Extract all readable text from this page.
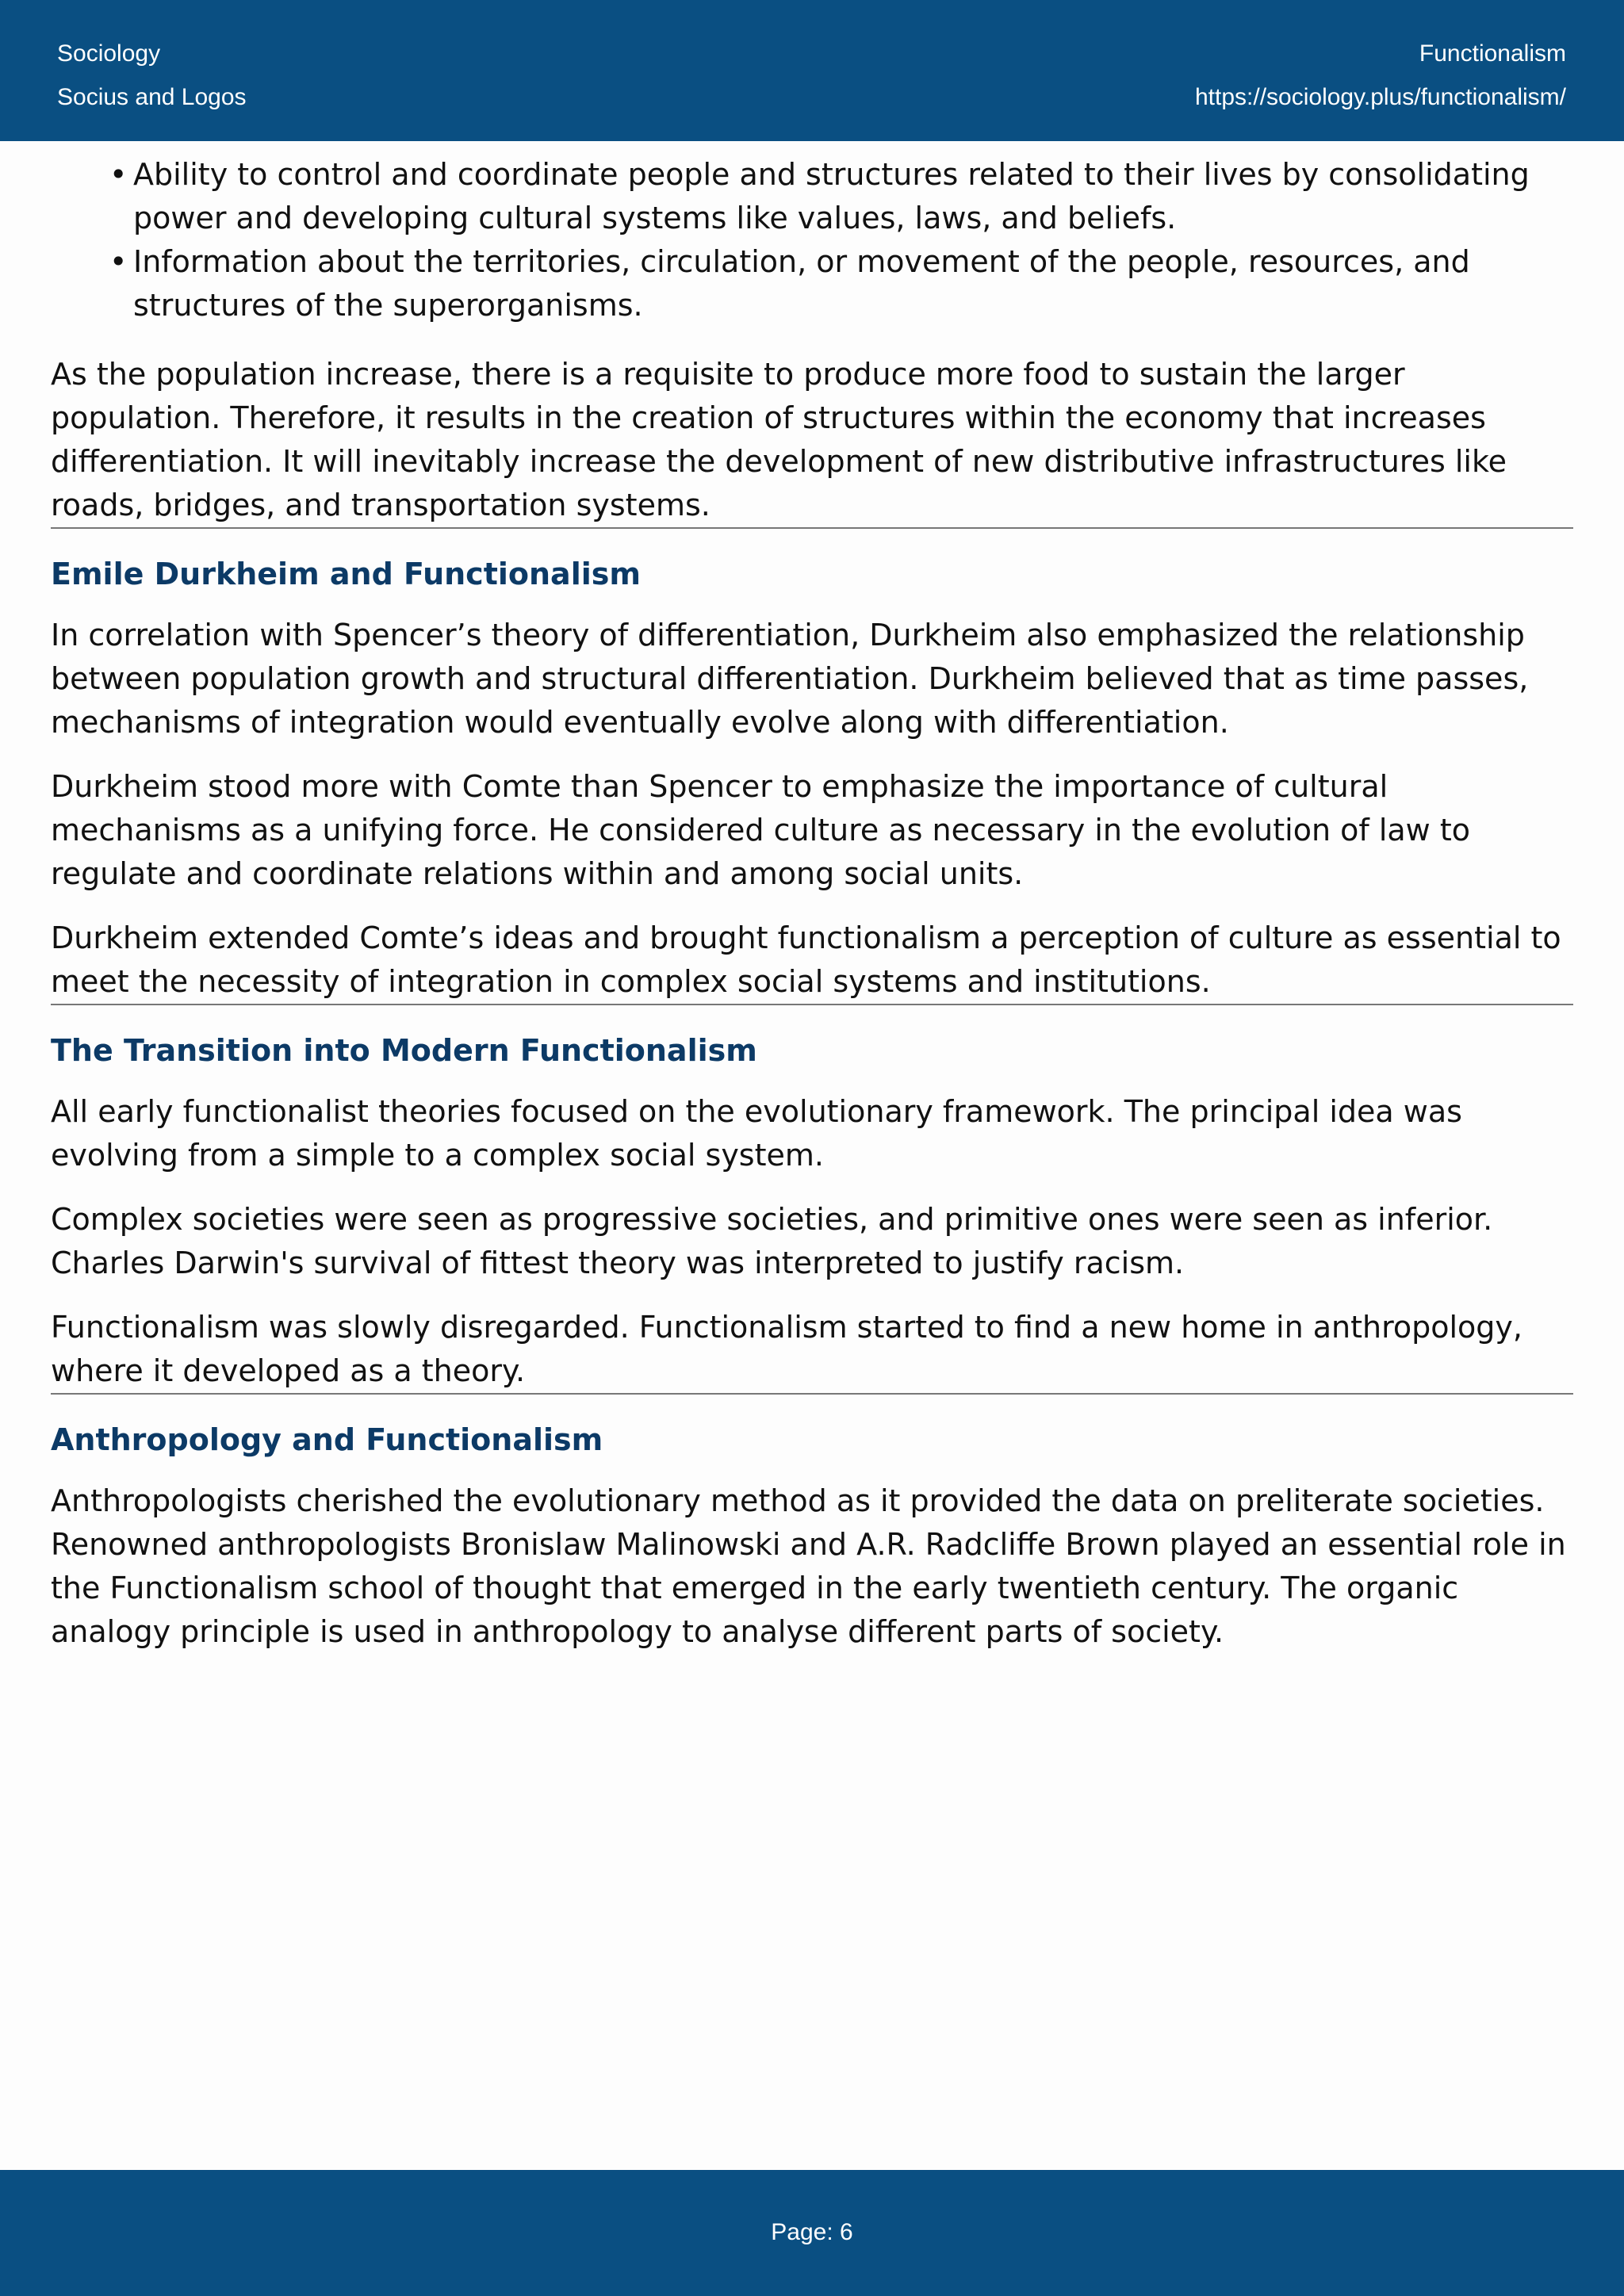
Sociology
Socius and Logos
Functionalism
https://sociology.plus/functionalism/
• Ability to control and coordinate people and structures related to their lives by consolidating power and developing cultural systems like values, laws, and beliefs.
• Information about the territories, circulation, or movement of the people, resources, and structures of the superorganisms.

As the population increase, there is a requisite to produce more food to sustain the larger population. Therefore, it results in the creation of structures within the economy that increases differentiation. It will inevitably increase the development of new distributive infrastructures like roads, bridges, and transportation systems.

Emile Durkheim and Functionalism

In correlation with Spencer’s theory of differentiation, Durkheim also emphasized the relationship between population growth and structural differentiation. Durkheim believed that as time passes, mechanisms of integration would eventually evolve along with differentiation.

Durkheim stood more with Comte than Spencer to emphasize the importance of cultural mechanisms as a unifying force. He considered culture as necessary in the evolution of law to regulate and coordinate relations within and among social units.

Durkheim extended Comte’s ideas and brought functionalism a perception of culture as essential to meet the necessity of integration in complex social systems and institutions.

The Transition into Modern Functionalism

All early functionalist theories focused on the evolutionary framework. The principal idea was evolving from a simple to a complex social system.

Complex societies were seen as progressive societies, and primitive ones were seen as inferior. Charles Darwin's survival of fittest theory was interpreted to justify racism.

Functionalism was slowly disregarded. Functionalism started to find a new home in anthropology, where it developed as a theory.

Anthropology and Functionalism

Anthropologists cherished the evolutionary method as it provided the data on preliterate societies. Renowned anthropologists Bronislaw Malinowski and A.R. Radcliffe Brown played an essential role in the Functionalism school of thought that emerged in the early twentieth century. The organic analogy principle is used in anthropology to analyse different parts of society.

Page: 6
